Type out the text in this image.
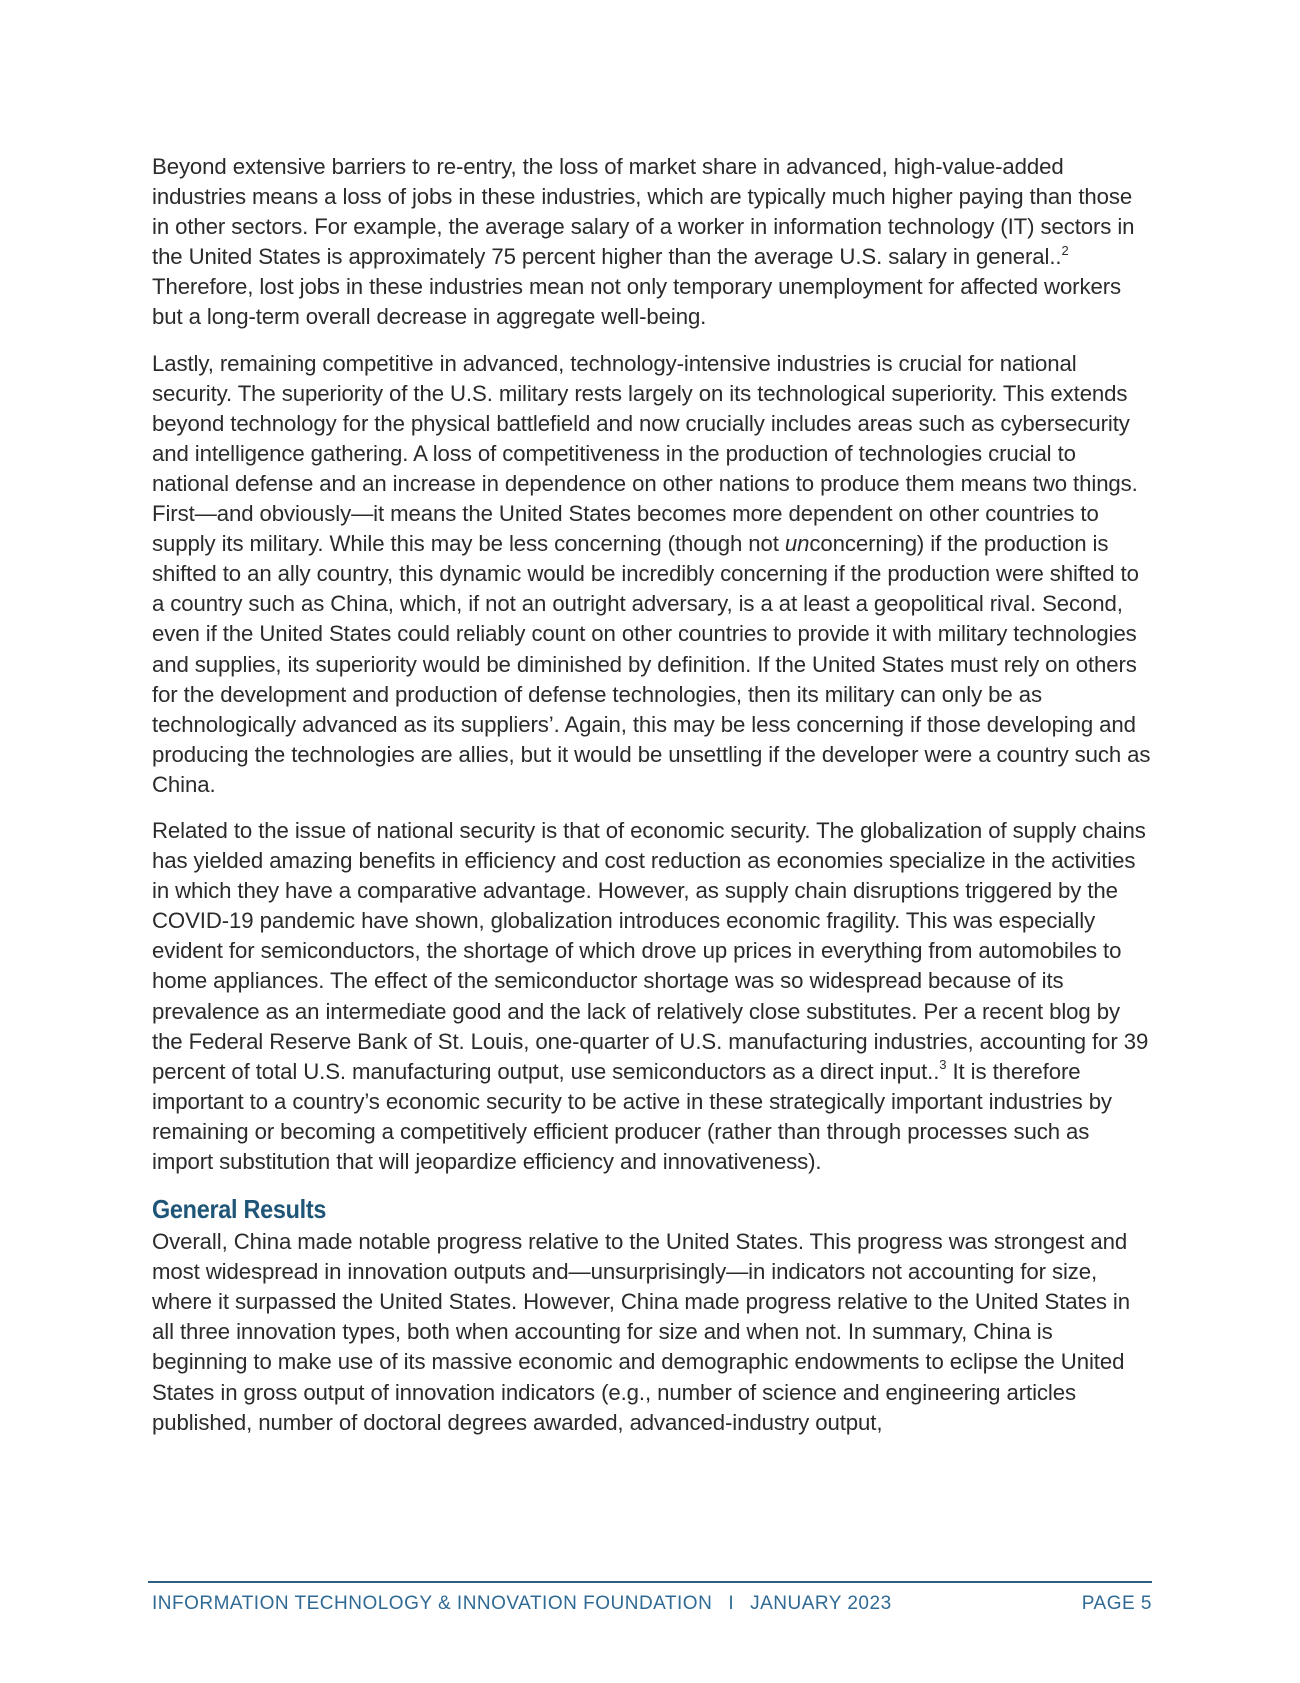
Beyond extensive barriers to re-entry, the loss of market share in advanced, high-value-added industries means a loss of jobs in these industries, which are typically much higher paying than those in other sectors. For example, the average salary of a worker in information technology (IT) sectors in the United States is approximately 75 percent higher than the average U.S. salary in general..$^2$ Therefore, lost jobs in these industries mean not only temporary unemployment for affected workers but a long-term overall decrease in aggregate well-being.

Lastly, remaining competitive in advanced, technology-intensive industries is crucial for national security. The superiority of the U.S. military rests largely on its technological superiority. This extends beyond technology for the physical battlefield and now crucially includes areas such as cybersecurity and intelligence gathering. A loss of competitiveness in the production of technologies crucial to national defense and an increase in dependence on other nations to produce them means two things. First—and obviously—it means the United States becomes more dependent on other countries to supply its military. While this may be less concerning (though not unconcerning) if the production is shifted to an ally country, this dynamic would be incredibly concerning if the production were shifted to a country such as China, which, if not an outright adversary, is a at least a geopolitical rival. Second, even if the United States could reliably count on other countries to provide it with military technologies and supplies, its superiority would be diminished by definition. If the United States must rely on others for the development and production of defense technologies, then its military can only be as technologically advanced as its suppliers’. Again, this may be less concerning if those developing and producing the technologies are allies, but it would be unsettling if the developer were a country such as China.

Related to the issue of national security is that of economic security. The globalization of supply chains has yielded amazing benefits in efficiency and cost reduction as economies specialize in the activities in which they have a comparative advantage. However, as supply chain disruptions triggered by the COVID-19 pandemic have shown, globalization introduces economic fragility. This was especially evident for semiconductors, the shortage of which drove up prices in everything from automobiles to home appliances. The effect of the semiconductor shortage was so widespread because of its prevalence as an intermediate good and the lack of relatively close substitutes. Per a recent blog by the Federal Reserve Bank of St. Louis, one-quarter of U.S. manufacturing industries, accounting for 39 percent of total U.S. manufacturing output, use semiconductors as a direct input..$^3$ It is therefore important to a country’s economic security to be active in these strategically important industries by remaining or becoming a competitively efficient producer (rather than through processes such as import substitution that will jeopardize efficiency and innovativeness).

General Results

Overall, China made notable progress relative to the United States. This progress was strongest and most widespread in innovation outputs and—unsurprisingly—in indicators not accounting for size, where it surpassed the United States. However, China made progress relative to the United States in all three innovation types, both when accounting for size and when not. In summary, China is beginning to make use of its massive economic and demographic endowments to eclipse the United States in gross output of innovation indicators (e.g., number of science and engineering articles published, number of doctoral degrees awarded, advanced-industry output,

INFORMATION TECHNOLOGY & INNOVATION FOUNDATION I JANUARY 2023	PAGE 5
